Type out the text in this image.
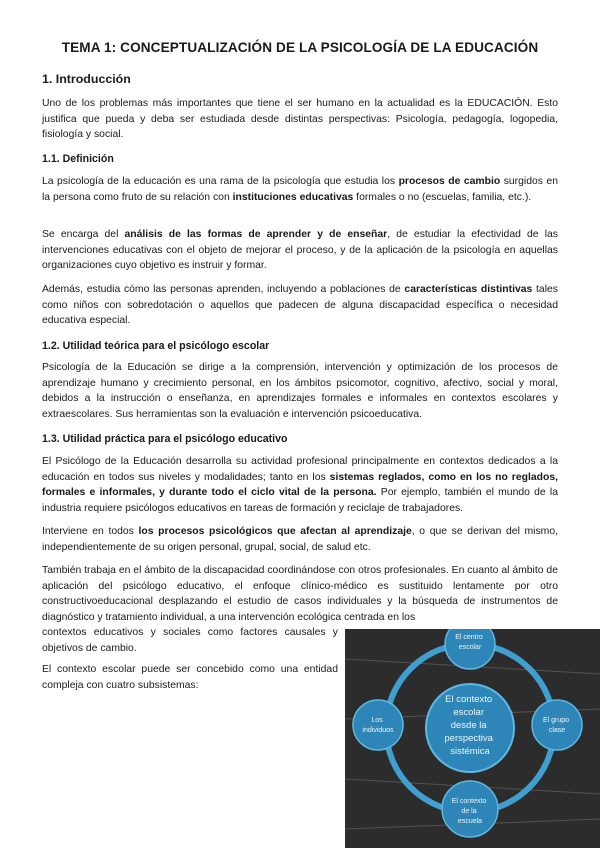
TEMA 1: CONCEPTUALIZACIÓN DE LA PSICOLOGÍA DE LA EDUCACIÓN
1. Introducción

Uno de los problemas más importantes que tiene el ser humano en la actualidad es la EDUCACIÓN. Esto justifica que pueda y deba ser estudiada desde distintas perspectivas: Psicología, pedagogía, logopedia, fisiología y social.

1.1. Definición

La psicología de la educación es una rama de la psicología que estudia los procesos de cambio surgidos en la persona como fruto de su relación con instituciones educativas formales o no (escuelas, familia, etc.).

Se encarga del análisis de las formas de aprender y de enseñar, de estudiar la efectividad de las intervenciones educativas con el objeto de mejorar el proceso, y de la aplicación de la psicología en aquellas organizaciones cuyo objetivo es instruir y formar.

Además, estudia cómo las personas aprenden, incluyendo a poblaciones de características distintivas tales como niños con sobredotación o aquellos que padecen de alguna discapacidad específica o necesidad educativa especial.

1.2. Utilidad teórica para el psicólogo escolar

Psicología de la Educación se dirige a la comprensión, intervención y optimización de los procesos de aprendizaje humano y crecimiento personal, en los ámbitos psicomotor, cognitivo, afectivo, social y moral, debidos a la instrucción o enseñanza, en aprendizajes formales e informales en contextos escolares y extraescolares. Sus herramientas son la evaluación e intervención psicoeducativa.

1.3. Utilidad práctica para el psicólogo educativo

El Psicólogo de la Educación desarrolla su actividad profesional principalmente en contextos dedicados a la educación en todos sus niveles y modalidades; tanto en los sistemas reglados, como en los no reglados, formales e informales, y durante todo el ciclo vital de la persona. Por ejemplo, también el mundo de la industria requiere psicólogos educativos en tareas de formación y reciclaje de trabajadores.

Interviene en todos los procesos psicológicos que afectan al aprendizaje, o que se derivan del mismo, independientemente de su origen personal, grupal, social, de salud etc.

También trabaja en el ámbito de la discapacidad coordinándose con otros profesionales. En cuanto al ámbito de aplicación del psicólogo educativo, el enfoque clínico-médico es sustituido lentamente por otro constructivoeducacional desplazando el estudio de casos individuales y la búsqueda de instrumentos de diagnóstico y tratamiento individual, a una intervención ecológica centrada en los

contextos educativos y sociales como factores causales y objetivos de cambio.

El contexto escolar puede ser concebido como una entidad compleja con cuatro subsistemas:

El contexto escolar desde la perspectiva sistémica
El centro escolar
El grupo clase
El contexto de la escuela
Los individuos
